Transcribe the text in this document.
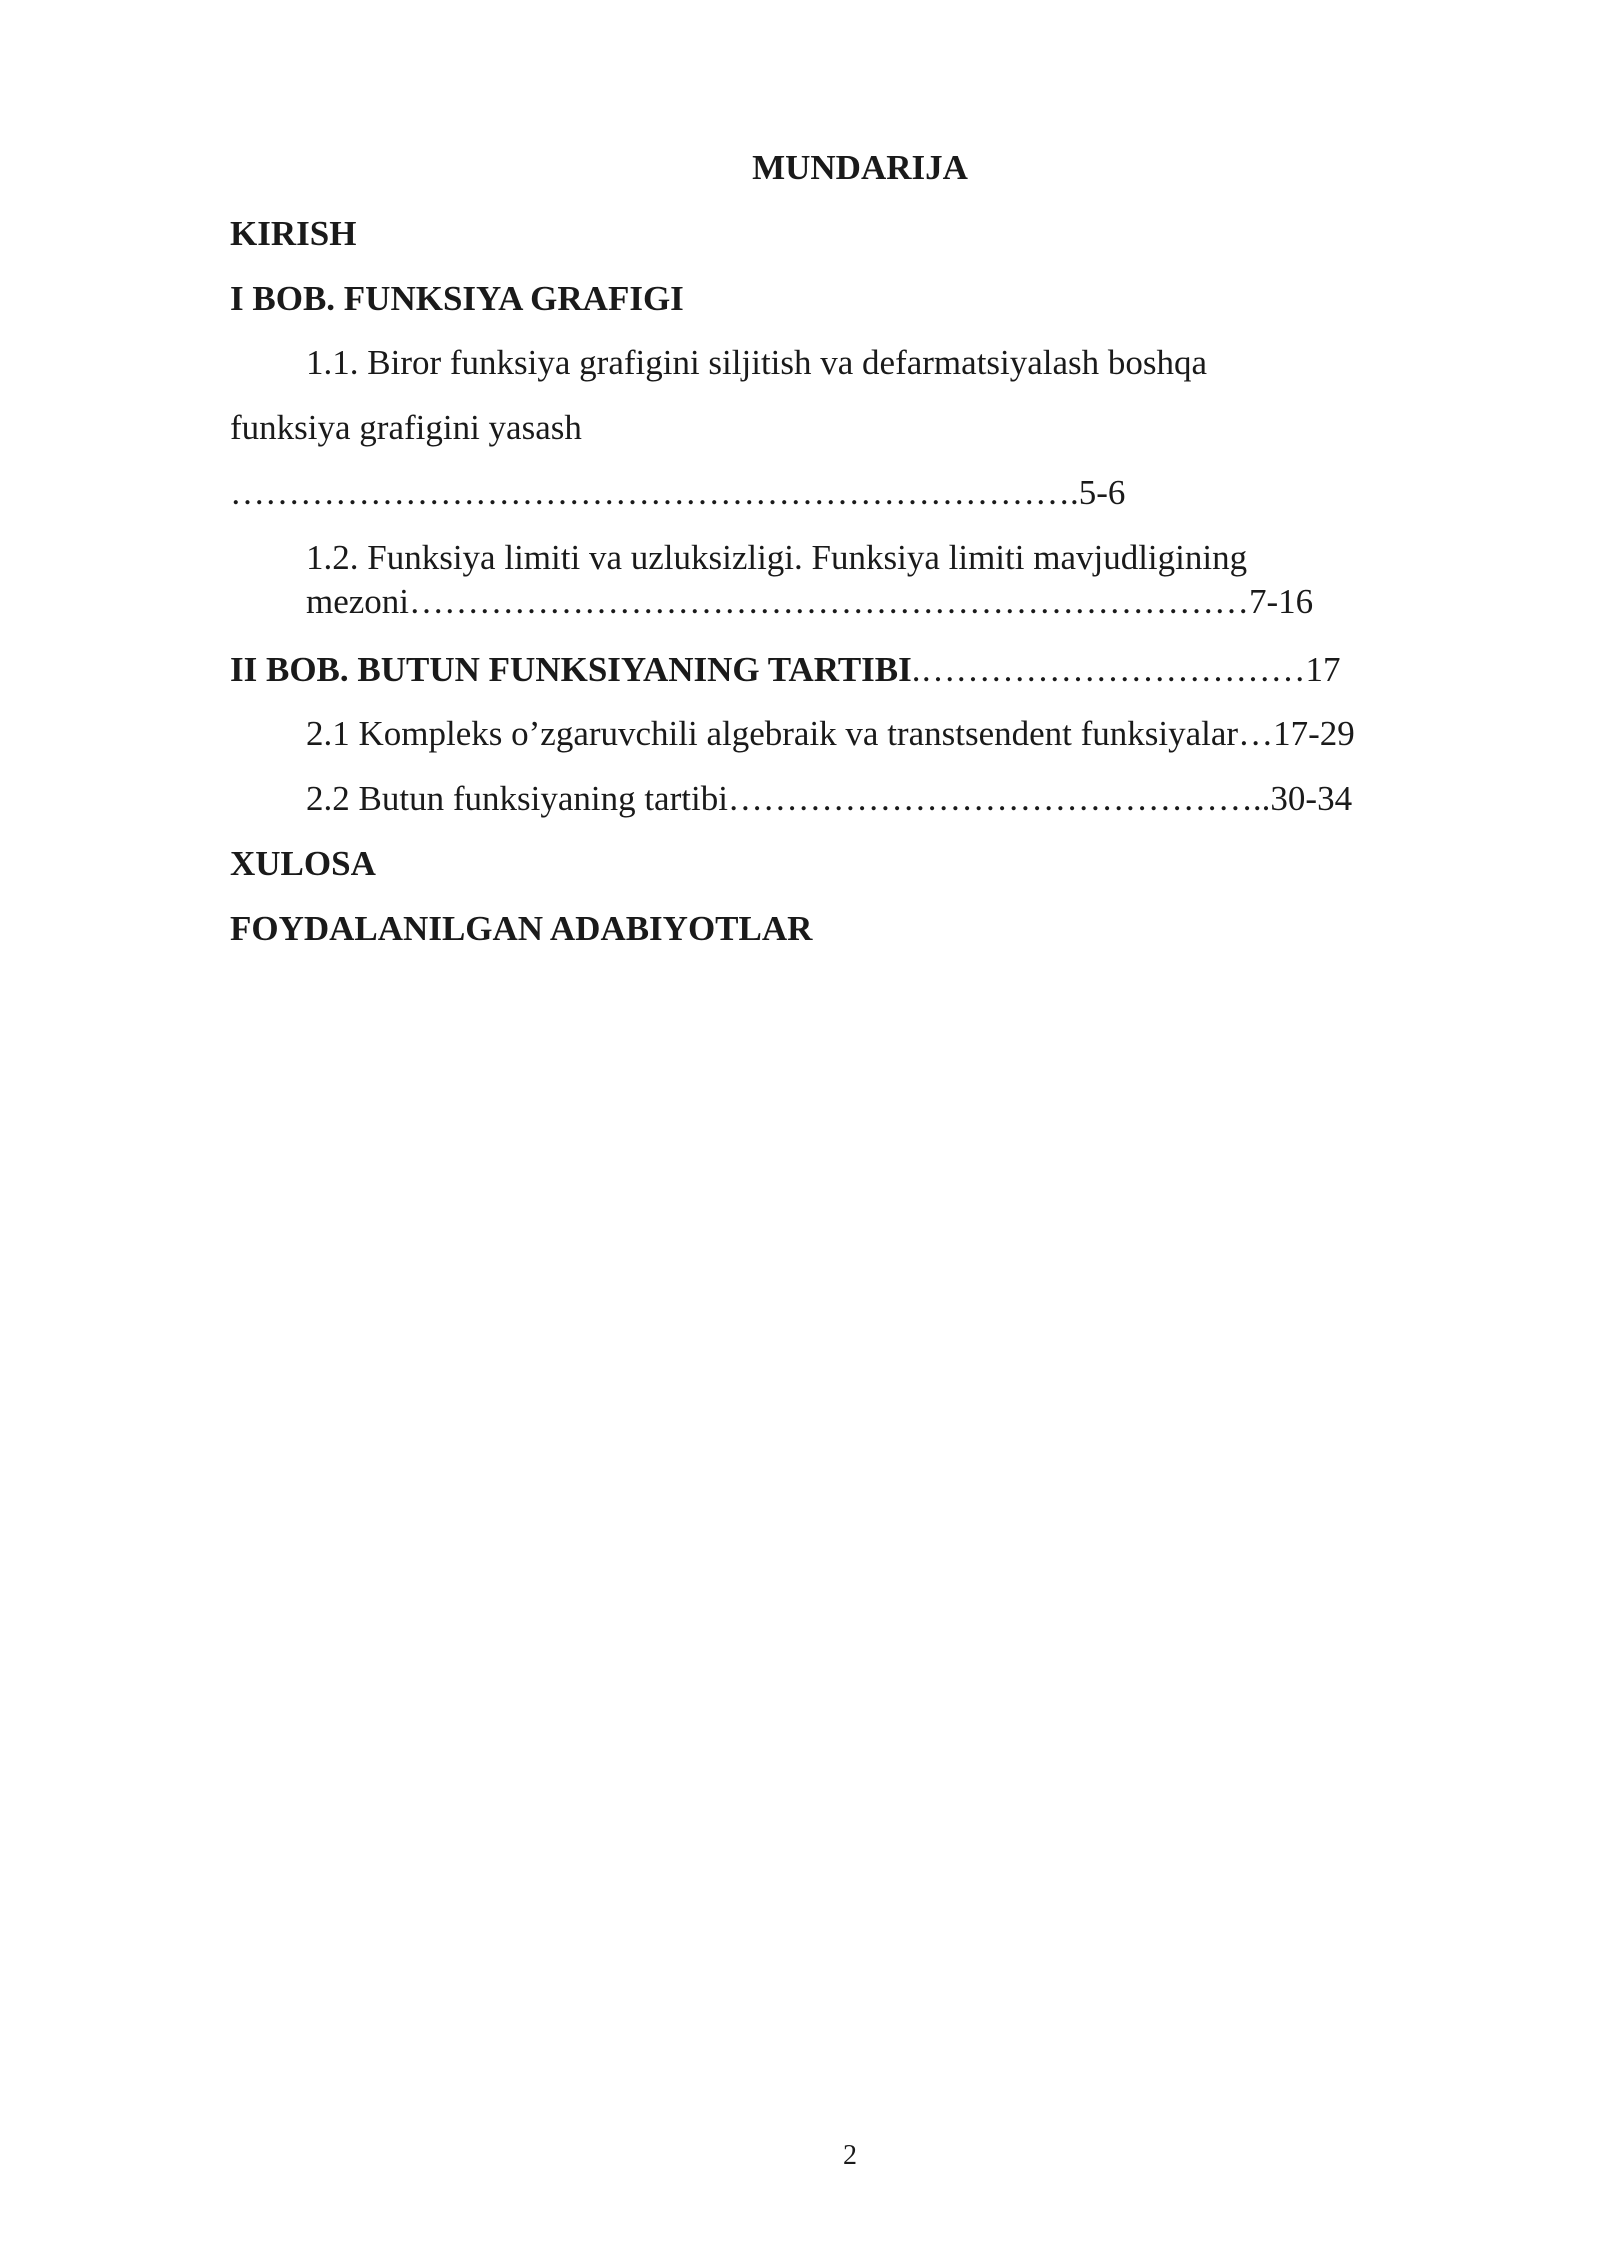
MUNDARIJA
KIRISH
I BOB. FUNKSIYA GRAFIGI
1.1. Biror funksiya grafigini siljitish va defarmatsiyalash boshqa
funksiya grafigini yasash
……………………………………………………………….5-6
1.2. Funksiya limiti va uzluksizligi. Funksiya limiti mavjudligining
mezoni………………………………………………………………7-16
II BOB. BUTUN FUNKSIYANING TARTIBI.……………………………17
2.1 Kompleks o’zgaruvchili algebraik va transtsendent funksiyalar…17-29
2.2 Butun funksiyaning tartibi………………………………………..30-34
XULOSA
FOYDALANILGAN ADABIYOTLAR
2
